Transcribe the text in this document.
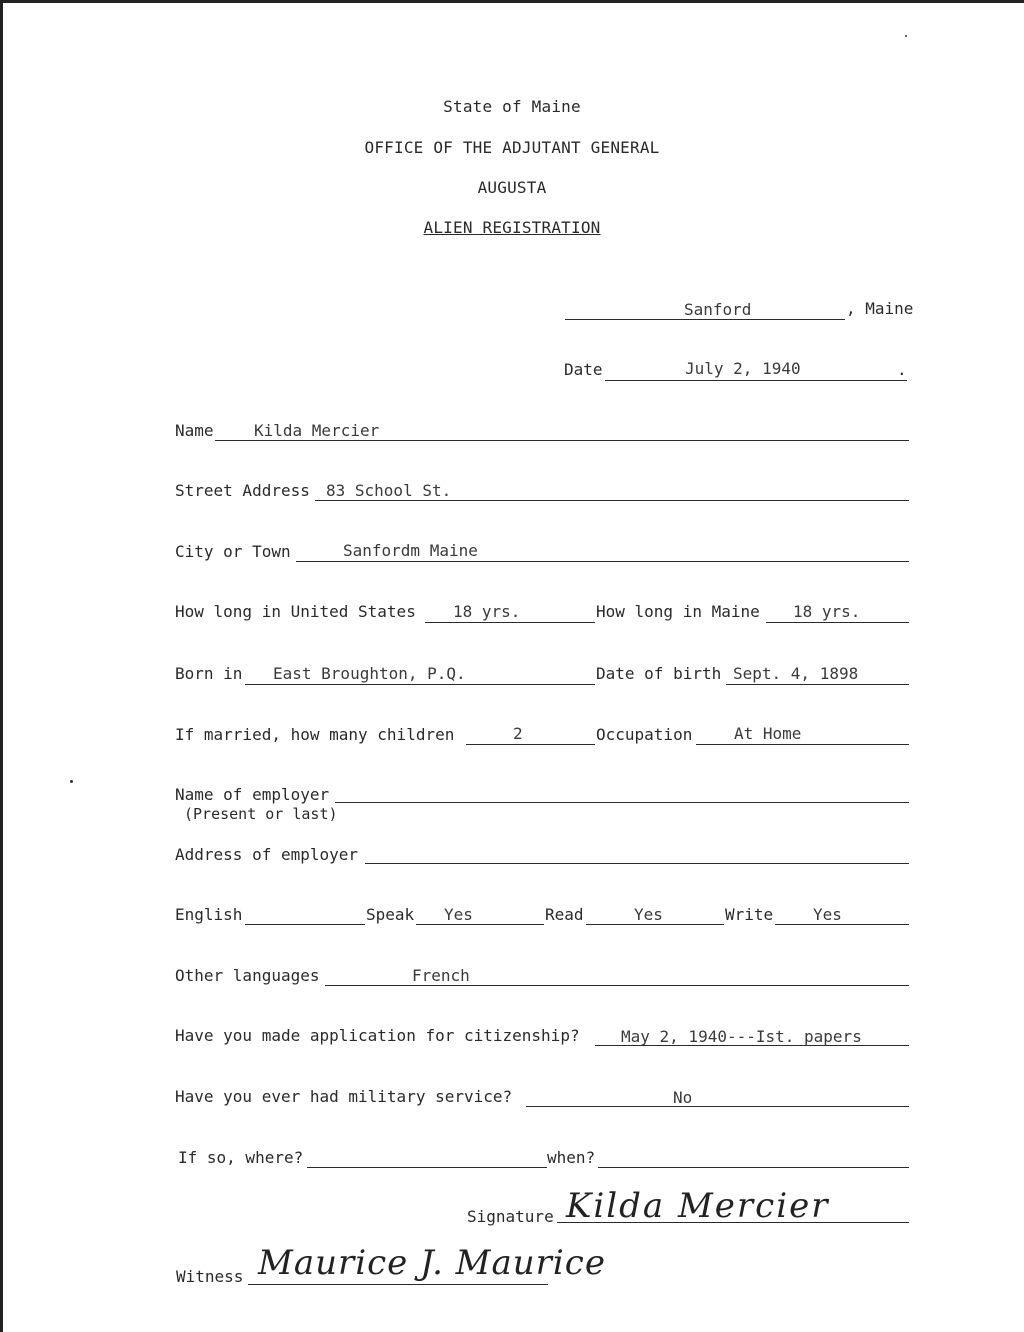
State of Maine
OFFICE OF THE ADJUTANT GENERAL
AUGUSTA
ALIEN REGISTRATION
Sanford	, Maine
Date	July 2, 1940	.
Name	Kilda Mercier
Street Address 83 School St.
City or Town	Sanfordm Maine
How long in United States 18 yrs.	How long in Maine 18 yrs.
Born in East Broughton, P.Q.	Date of birth Sept. 4, 1898
If married, how many children	2	Occupation	At Home
Name of employer
(Present or last)
Address of employer
English	Speak Yes	Read	Yes	Write Yes
Other languages	French
Have you made application for citizenship?	May 2, 1940---Ist. papers
Have you ever had military service?	No
If so, where?	when?
Signature Kilda Mercier
Witness Maurice J. Maurice
